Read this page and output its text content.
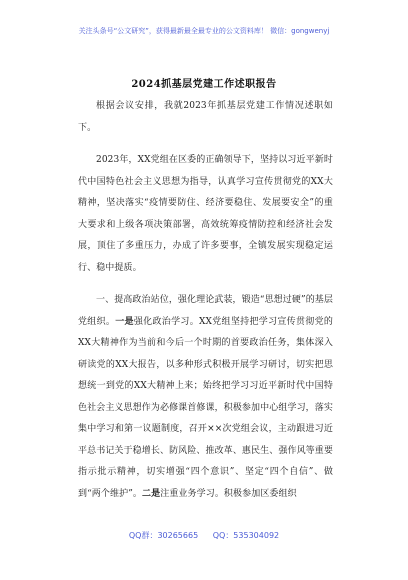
关注头条号“公文研究”，获得最新最全最专业的公文资料库！ 微信：gongwenyj
2024抓基层党建工作述职报告
根据会议安排，我就2023年抓基层党建工作情况述职如下。
2023年，XX党组在区委的正确领导下，坚持以习近平新时代中国特色社会主义思想为指导，认真学习宣传贯彻党的XX大精神，坚决落实“疫情要防住、经济要稳住、发展要安全”的重大要求和上级各项决策部署，高效统筹疫情防控和经济社会发展，顶住了多重压力，办成了许多要事，全镇发展实现稳定运行、稳中提质。
一、提高政治站位，强化理论武装，锻造“思想过硬”的基层党组织。一是强化政治学习。XX党组坚持把学习宣传贯彻党的XX大精神作为当前和今后一个时期的首要政治任务，集体深入研读党的XX大报告，以多种形式积极开展学习研讨，切实把思想统一到党的XX大精神上来；始终把学习习近平新时代中国特色社会主义思想作为必修课首修课，积极参加中心组学习，落实集中学习和第一议题制度，召开××次党组会议，主动跟进习近平总书记关于稳增长、防风险、推改革、惠民生、强作风等重要指示批示精神，切实增强“四个意识”、坚定“四个自信”、做到“两个维护”。二是注重业务学习。积极参加区委组织
QQ群：30265665 QQ：535304092
